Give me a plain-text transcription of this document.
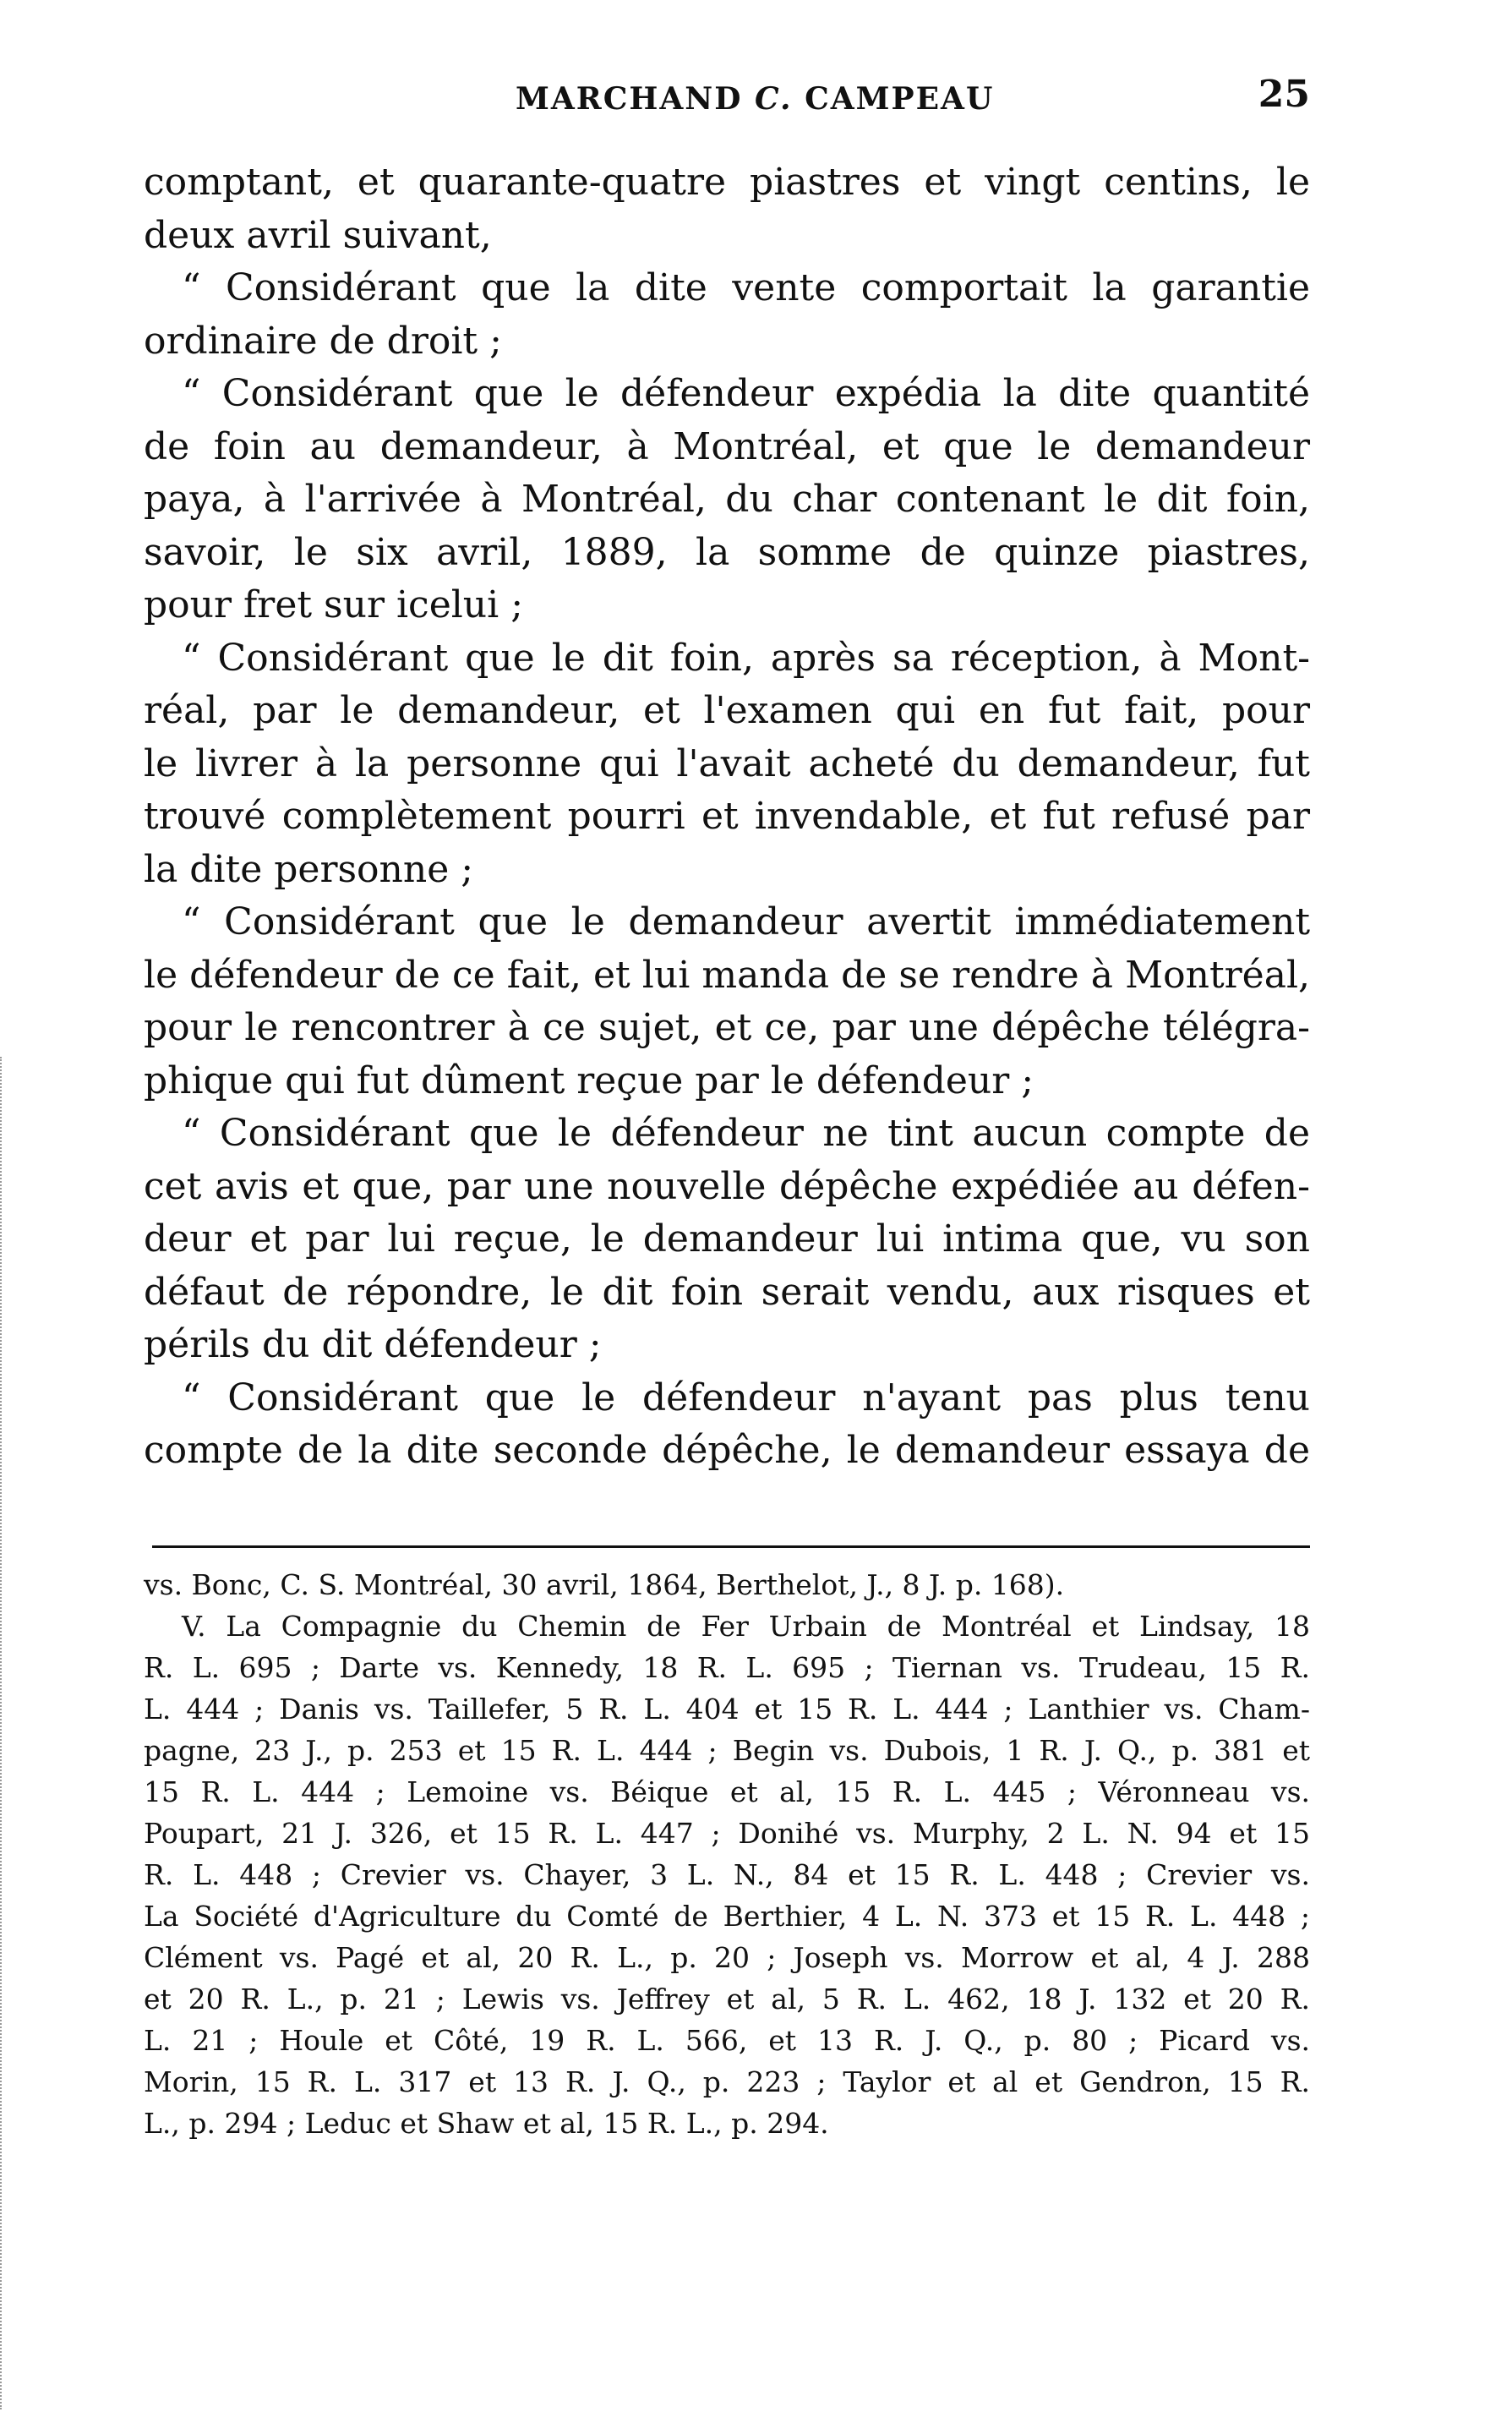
MARCHAND C. CAMPEAU	25
comptant, et quarante-quatre piastres et vingt centins, le
deux avril suivant,
“ Considérant que la dite vente comportait la garantie
ordinaire de droit ;
“ Considérant que le défendeur expédia la dite quantité
de foin au demandeur, à Montréal, et que le demandeur
paya, à l'arrivée à Montréal, du char contenant le dit foin,
savoir, le six avril, 1889, la somme de quinze piastres,
pour fret sur icelui ;
“ Considérant que le dit foin, après sa réception, à Mont-
réal, par le demandeur, et l'examen qui en fut fait, pour
le livrer à la personne qui l'avait acheté du demandeur, fut
trouvé complètement pourri et invendable, et fut refusé par
la dite personne ;
“ Considérant que le demandeur avertit immédiatement
le défendeur de ce fait, et lui manda de se rendre à Montréal,
pour le rencontrer à ce sujet, et ce, par une dépêche télégra-
phique qui fut dûment reçue par le défendeur ;
“ Considérant que le défendeur ne tint aucun compte de
cet avis et que, par une nouvelle dépêche expédiée au défen-
deur et par lui reçue, le demandeur lui intima que, vu son
défaut de répondre, le dit foin serait vendu, aux risques et
périls du dit défendeur ;
“ Considérant que le défendeur n'ayant pas plus tenu
compte de la dite seconde dépêche, le demandeur essaya de
vs. Bonc, C. S. Montréal, 30 avril, 1864, Berthelot, J., 8 J. p. 168).
V. La Compagnie du Chemin de Fer Urbain de Montréal et Lindsay, 18
R. L. 695 ; Darte vs. Kennedy, 18 R. L. 695 ; Tiernan vs. Trudeau, 15 R.
L. 444 ; Danis vs. Taillefer, 5 R. L. 404 et 15 R. L. 444 ; Lanthier vs. Cham-
pagne, 23 J., p. 253 et 15 R. L. 444 ; Begin vs. Dubois, 1 R. J. Q., p. 381 et
15 R. L. 444 ; Lemoine vs. Béique et al, 15 R. L. 445 ; Véronneau vs.
Poupart, 21 J. 326, et 15 R. L. 447 ; Donihé vs. Murphy, 2 L. N. 94 et 15
R. L. 448 ; Crevier vs. Chayer, 3 L. N., 84 et 15 R. L. 448 ; Crevier vs.
La Société d'Agriculture du Comté de Berthier, 4 L. N. 373 et 15 R. L. 448 ;
Clément vs. Pagé et al, 20 R. L., p. 20 ; Joseph vs. Morrow et al, 4 J. 288
et 20 R. L., p. 21 ; Lewis vs. Jeffrey et al, 5 R. L. 462, 18 J. 132 et 20 R.
L. 21 ; Houle et Côté, 19 R. L. 566, et 13 R. J. Q., p. 80 ; Picard vs.
Morin, 15 R. L. 317 et 13 R. J. Q., p. 223 ; Taylor et al et Gendron, 15 R.
L., p. 294 ; Leduc et Shaw et al, 15 R. L., p. 294.
